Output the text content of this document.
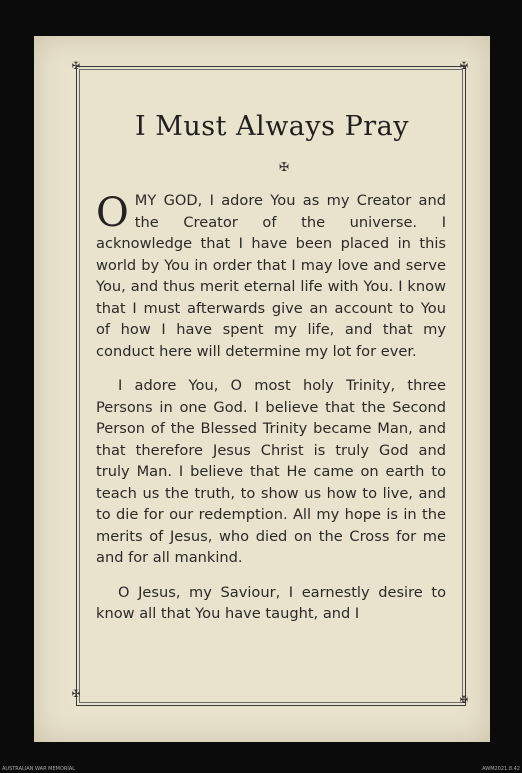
✠	✠
✠
✠
I Must Always Pray
✠

O MY GOD, I adore You as my Creator and the Creator of the universe. I acknowledge that I have been placed in this world by You in order that I may love and serve You, and thus merit eternal life with You. I know that I must afterwards give an account to You of how I have spent my life, and that my conduct here will determine my lot for ever.

I adore You, O most holy Trinity, three Persons in one God. I believe that the Second Person of the Blessed Trinity became Man, and that therefore Jesus Christ is truly God and truly Man. I believe that He came on earth to teach us the truth, to show us how to live, and to die for our redemption. All my hope is in the merits of Jesus, who died on the Cross for me and for all mankind.

O Jesus, my Saviour, I earnestly desire to know all that You have taught, and I

AUSTRALIAN WAR MEMORIAL	AWM2021.8.42
